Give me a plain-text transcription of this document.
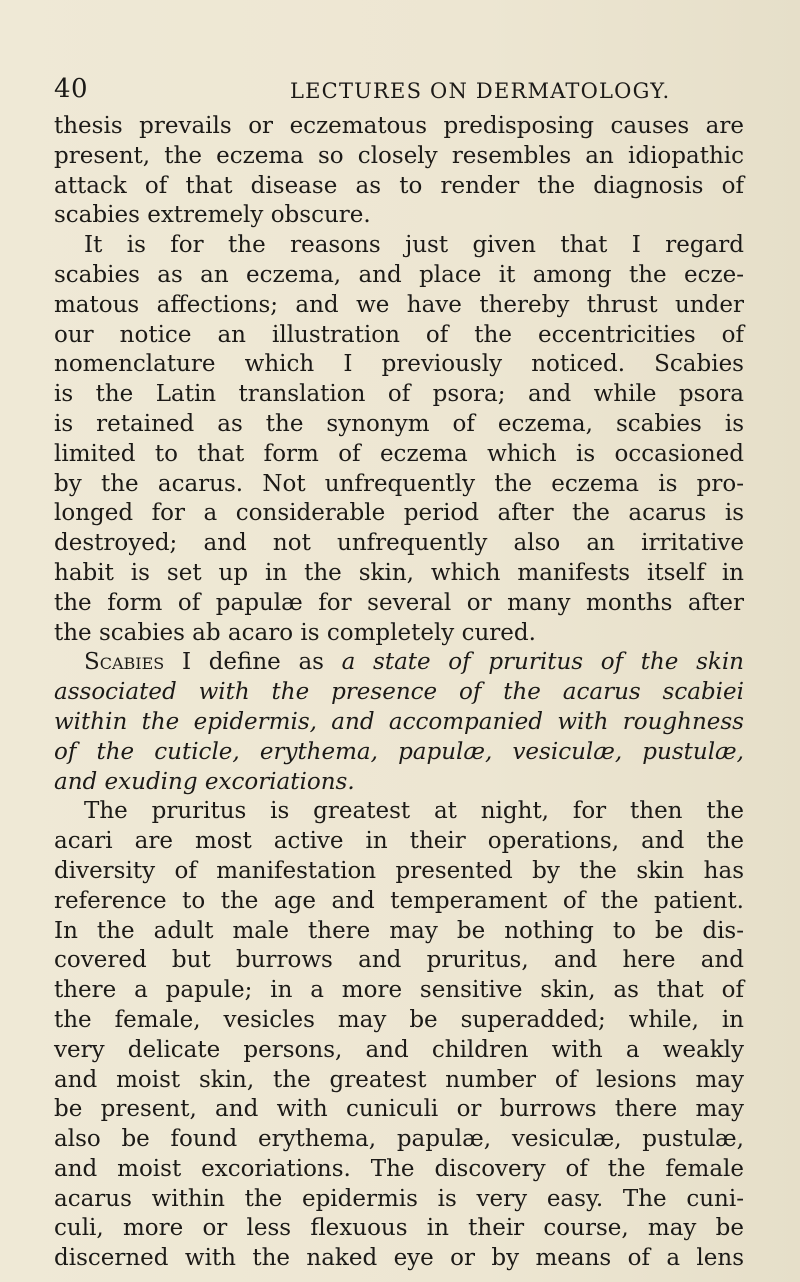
40	LECTURES ON DERMATOLOGY.
thesis prevails or eczematous predisposing causes are
present, the eczema so closely resembles an idiopathic
attack of that disease as to render the diagnosis of
scabies extremely obscure.
It is for the reasons just given that I regard
scabies as an eczema, and place it among the ecze-
matous affections; and we have thereby thrust under
our notice an illustration of the eccentricities of
nomenclature which I previously noticed. Scabies
is the Latin translation of psora; and while psora
is retained as the synonym of eczema, scabies is
limited to that form of eczema which is occasioned
by the acarus. Not unfrequently the eczema is pro-
longed for a considerable period after the acarus is
destroyed; and not unfrequently also an irritative
habit is set up in the skin, which manifests itself in
the form of papulæ for several or many months after
the scabies ab acaro is completely cured.
Scabies I define as a state of pruritus of the skin
associated with the presence of the acarus scabiei
within the epidermis, and accompanied with roughness
of the cuticle, erythema, papulæ, vesiculæ, pustulæ,
and exuding excoriations.
The pruritus is greatest at night, for then the
acari are most active in their operations, and the
diversity of manifestation presented by the skin has
reference to the age and temperament of the patient.
In the adult male there may be nothing to be dis-
covered but burrows and pruritus, and here and
there a papule; in a more sensitive skin, as that of
the female, vesicles may be superadded; while, in
very delicate persons, and children with a weakly
and moist skin, the greatest number of lesions may
be present, and with cuniculi or burrows there may
also be found erythema, papulæ, vesiculæ, pustulæ,
and moist excoriations. The discovery of the female
acarus within the epidermis is very easy. The cuni-
culi, more or less flexuous in their course, may be
discerned with the naked eye or by means of a lens
